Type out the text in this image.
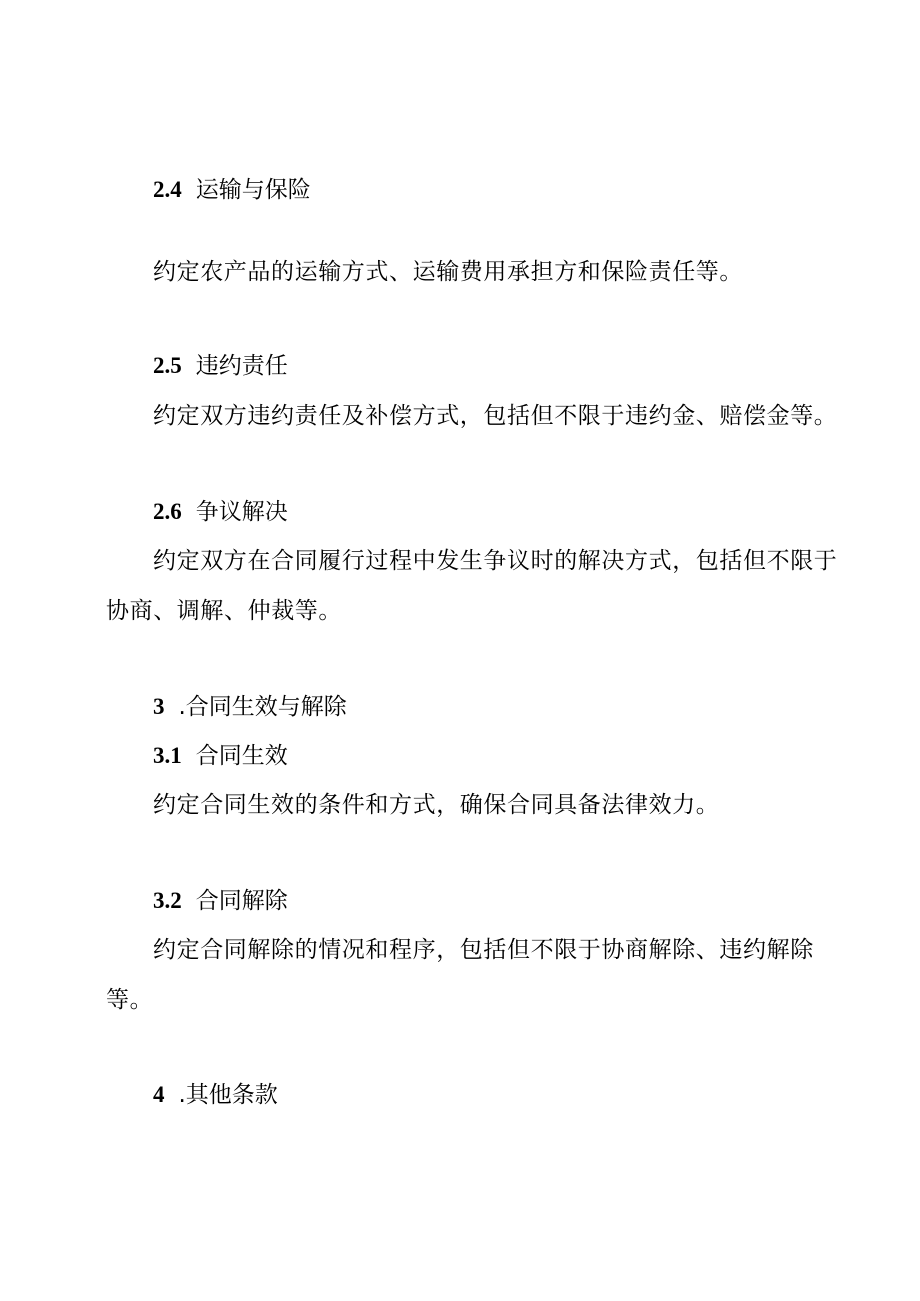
2.4 运输与保险
约定农产品的运输方式、运输费用承担方和保险责任等。
2.5 违约责任
约定双方违约责任及补偿方式，包括但不限于违约金、赔偿金等。
2.6 争议解决
约定双方在合同履行过程中发生争议时的解决方式，包括但不限于
协商、调解、仲裁等。
3 .合同生效与解除
3.1 合同生效
约定合同生效的条件和方式，确保合同具备法律效力。
3.2 合同解除
约定合同解除的情况和程序，包括但不限于协商解除、违约解除
等。
4 .其他条款
